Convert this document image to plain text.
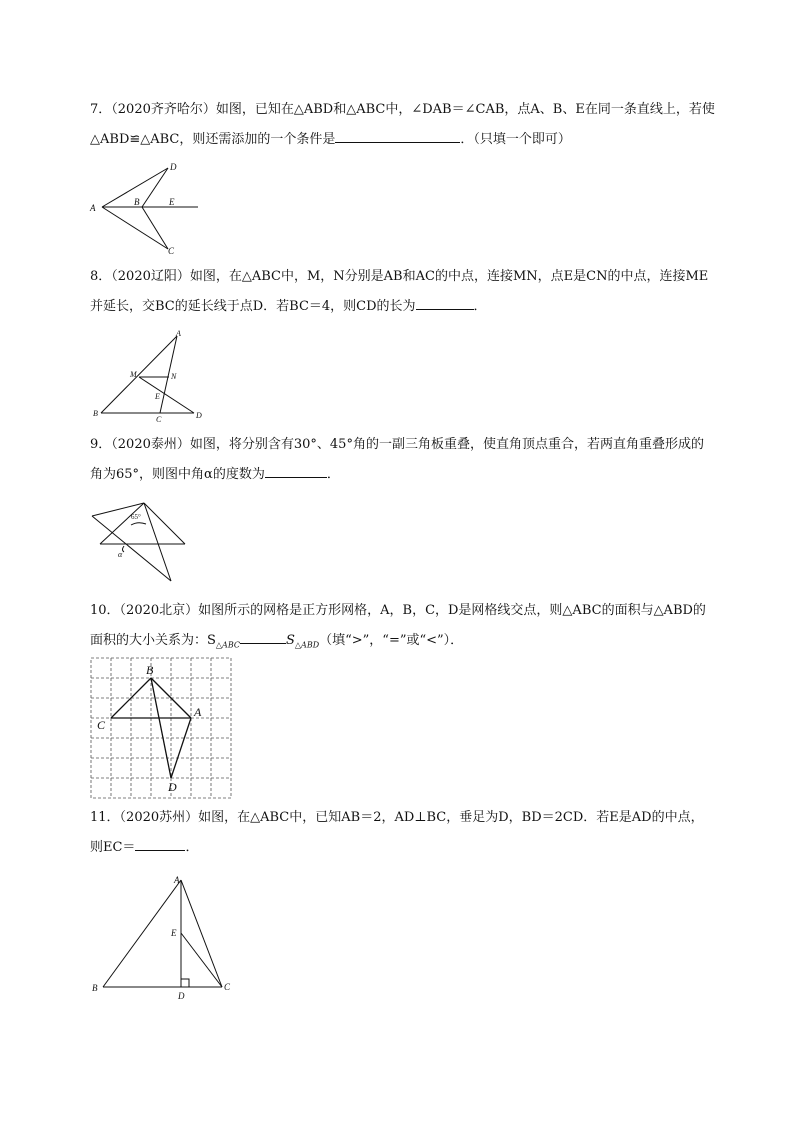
7．（2020齐齐哈尔）如图，已知在△ABD和△ABC中，∠DAB＝∠CAB，点A、B、E在同一条直线上，若使
△ABD≌△ABC，则还需添加的一个条件是	．（只填一个即可）
A
D
B	E
C
8．（2020辽阳）如图，在△ABC中，M，N分别是AB和AC的中点，连接MN，点E是CN的中点，连接ME
并延长，交BC的延长线于点D．若BC＝4，则CD的长为	．
A
M	N
E
B
C	D
9．（2020泰州）如图，将分别含有30°、45°角的一副三角板重叠，使直角顶点重合，若两直角重叠形成的
角为65°，则图中角α的度数为	．
65°
α
10．（2020北京）如图所示的网格是正方形网格，A，B，C，D是网格线交点，则△ABC的面积与△ABD的
面积的大小关系为：$S_{\triangle ABC}$	$S_{\triangle ABD}$（填“>”，“=”或“<”）．
B
A
C
D
11．（2020苏州）如图，在△ABC中，已知AB＝2，AD⊥BC，垂足为D，BD＝2CD．若E是AD的中点，
则EC＝	．
A
E
B
D
C
